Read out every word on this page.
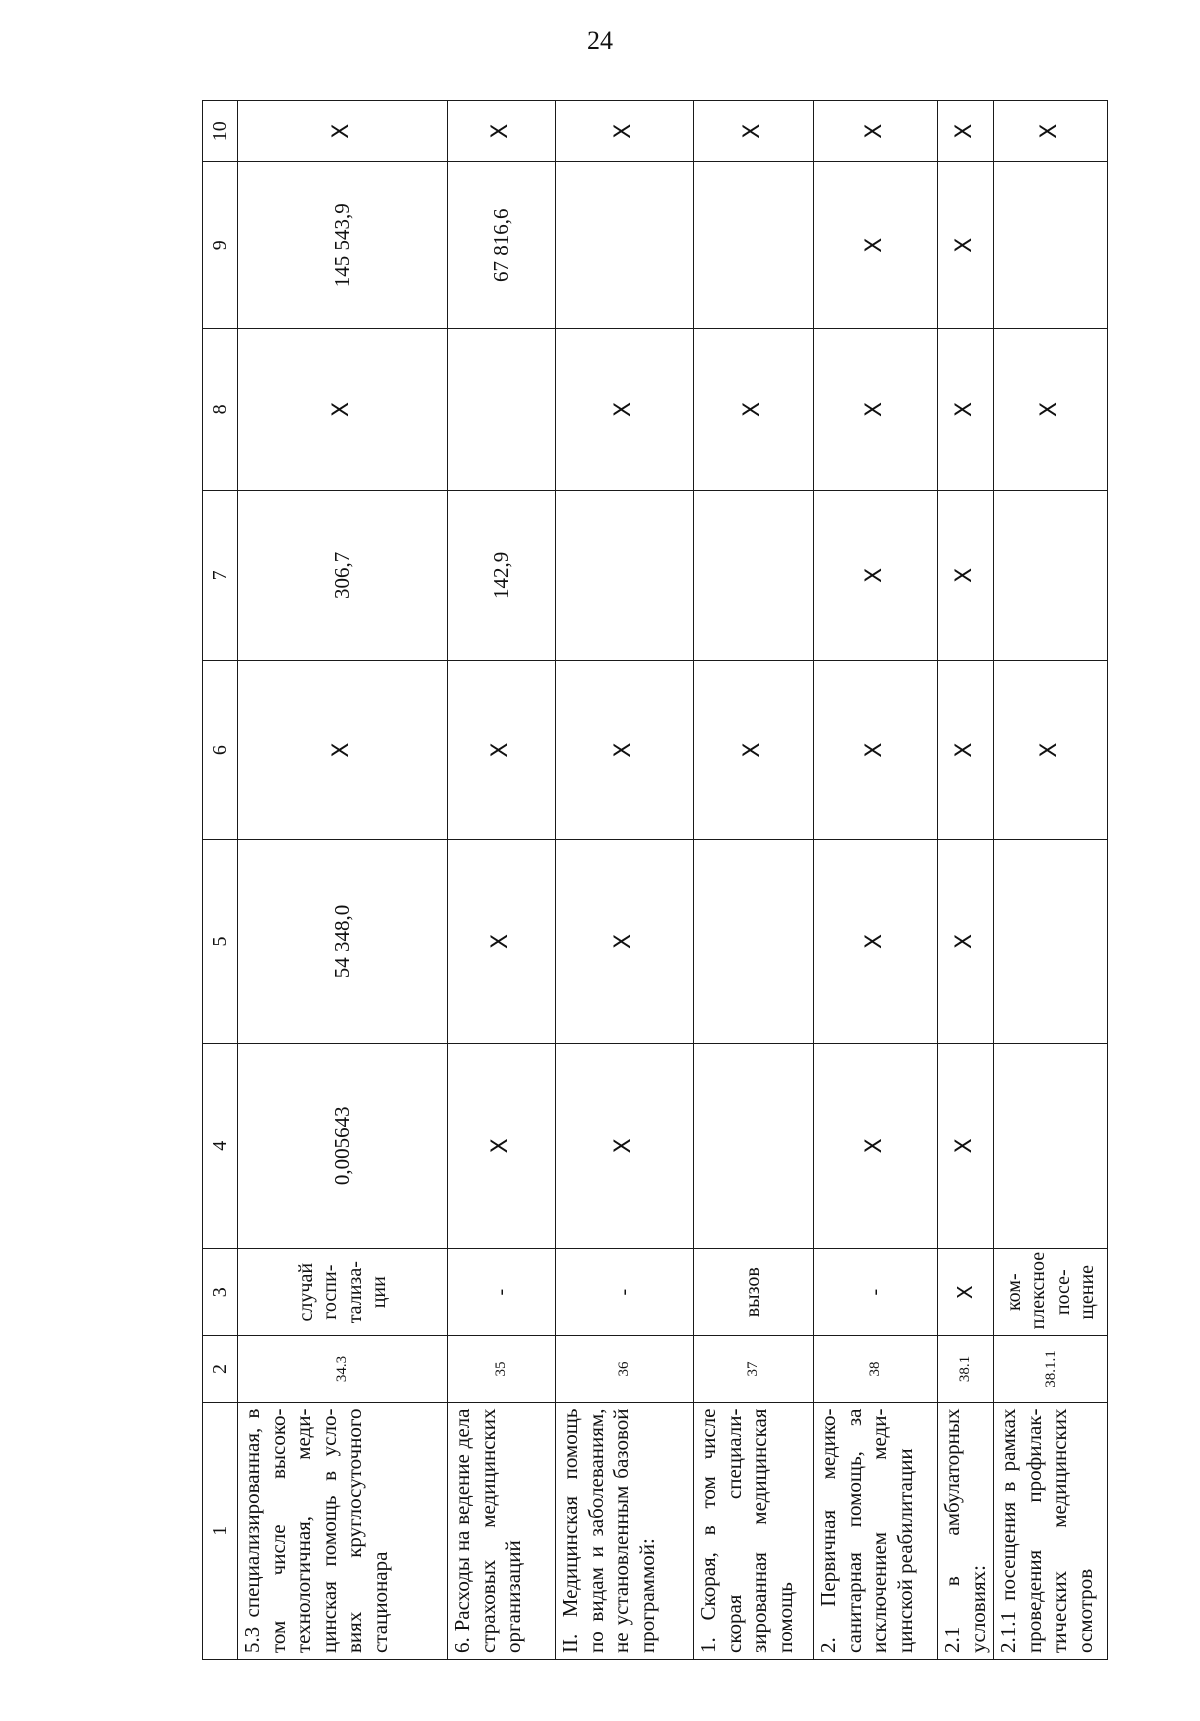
24
1	2	3	4	5	6	7	8	9	10
5.3 специализированная, в том числе высоко-технологичная, меди-цинская помощь в усло-виях круглосуточного стационара	34.3	случай госпи-тализа-ции	0,005643	54 348,0	X	306,7	X	145 543,9	X
6. Расходы на ведение дела страховых медицинских организаций	35	-	X	X	X	142,9		67 816,6	X
II. Медицинская помощь по видам и заболеваниям, не установленным базовой программой:	36	-	X	X	X		X		X
1. Скорая, в том числе скорая специали-зированная медицинская помощь	37	вызов			X		X		X
2. Первичная медико-санитарная помощь, за исключением меди-цинской реабилитации	38	-	X	X	X	X	X	X	X
2.1 в амбулаторных условиях:	38.1	X	X	X	X	X	X	X	X
2.1.1 посещения в рамках проведения профилак-тических медицинских осмотров	38.1.1	ком-плексное посе-щение			X		X		X
